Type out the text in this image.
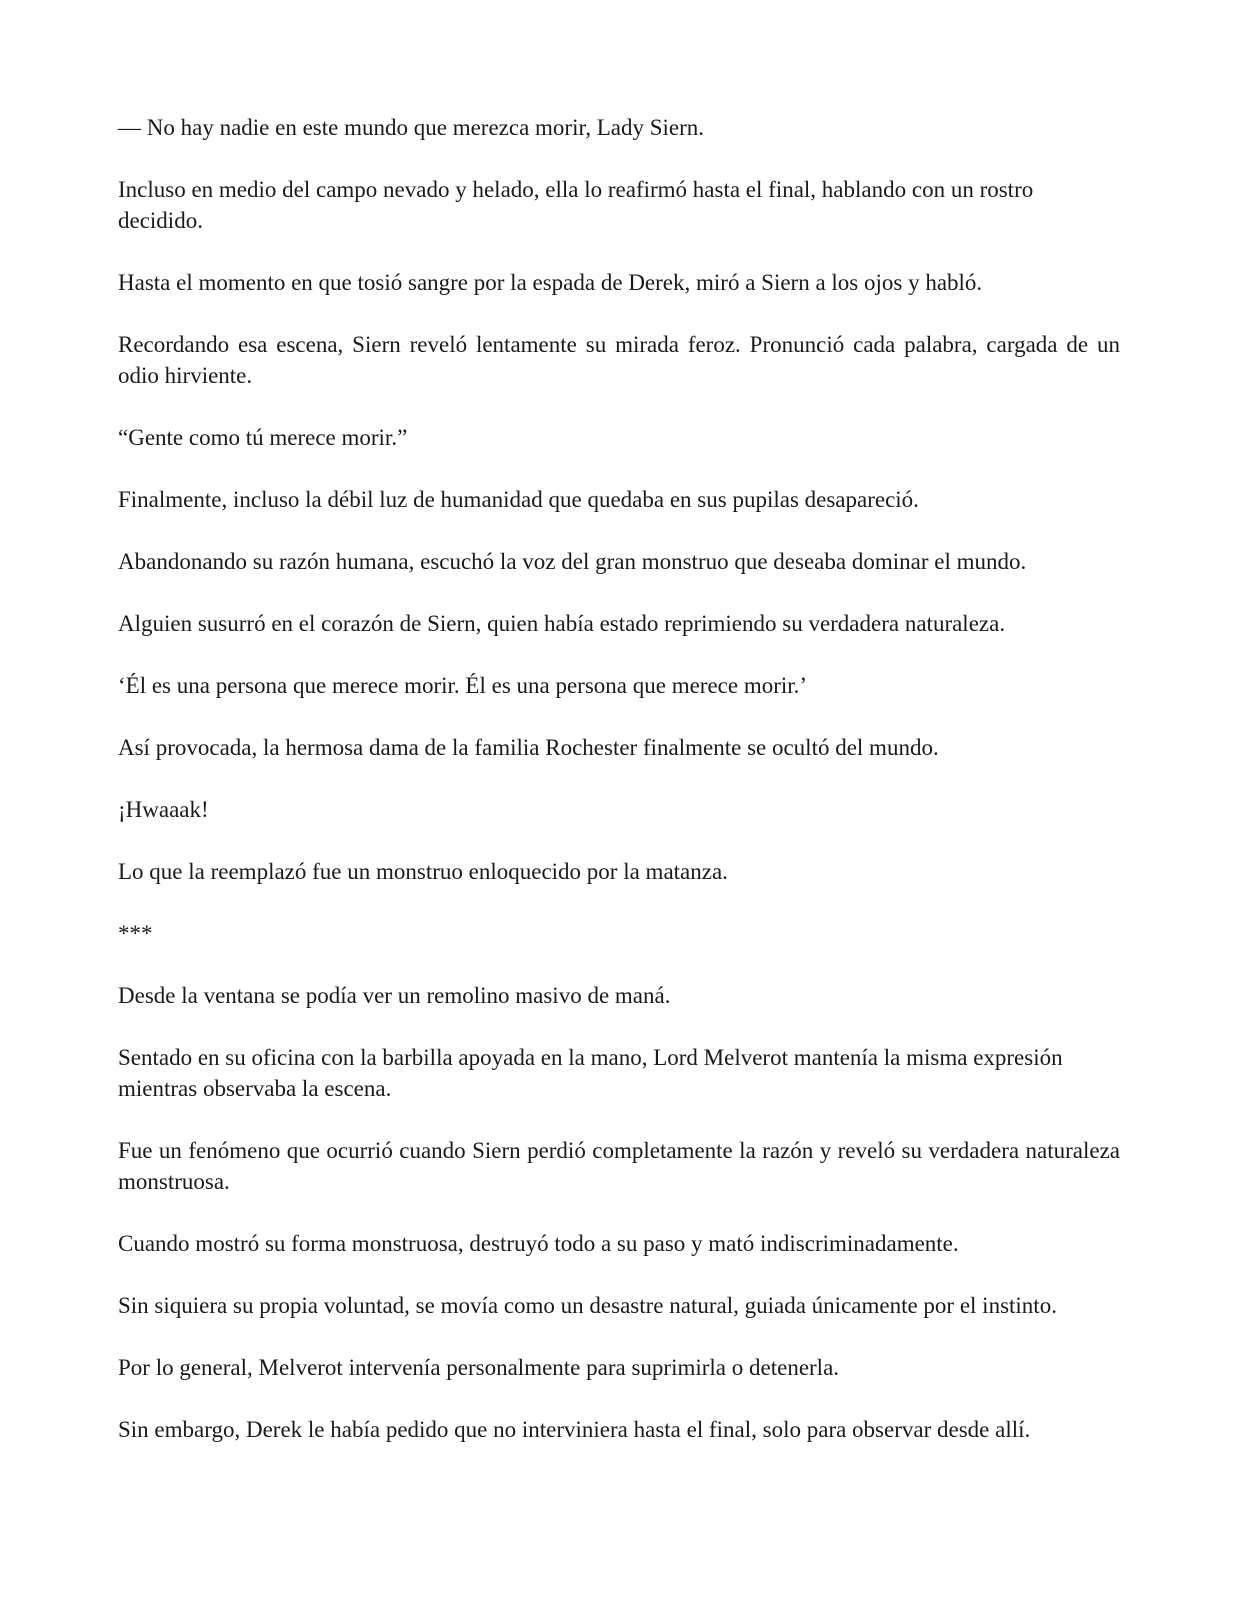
— No hay nadie en este mundo que merezca morir, Lady Siern.

Incluso en medio del campo nevado y helado, ella lo reafirmó hasta el final, hablando con un rostro decidido.

Hasta el momento en que tosió sangre por la espada de Derek, miró a Siern a los ojos y habló.

Recordando esa escena, Siern reveló lentamente su mirada feroz. Pronunció cada palabra, cargada de un odio hirviente.

“Gente como tú merece morir.”

Finalmente, incluso la débil luz de humanidad que quedaba en sus pupilas desapareció.

Abandonando su razón humana, escuchó la voz del gran monstruo que deseaba dominar el mundo.

Alguien susurró en el corazón de Siern, quien había estado reprimiendo su verdadera naturaleza.

‘Él es una persona que merece morir. Él es una persona que merece morir.’

Así provocada, la hermosa dama de la familia Rochester finalmente se ocultó del mundo.

¡Hwaaak!

Lo que la reemplazó fue un monstruo enloquecido por la matanza.

***

Desde la ventana se podía ver un remolino masivo de maná.

Sentado en su oficina con la barbilla apoyada en la mano, Lord Melverot mantenía la misma expresión mientras observaba la escena.

Fue un fenómeno que ocurrió cuando Siern perdió completamente la razón y reveló su verdadera naturaleza monstruosa.

Cuando mostró su forma monstruosa, destruyó todo a su paso y mató indiscriminadamente.

Sin siquiera su propia voluntad, se movía como un desastre natural, guiada únicamente por el instinto.

Por lo general, Melverot intervenía personalmente para suprimirla o detenerla.

Sin embargo, Derek le había pedido que no interviniera hasta el final, solo para observar desde allí.
